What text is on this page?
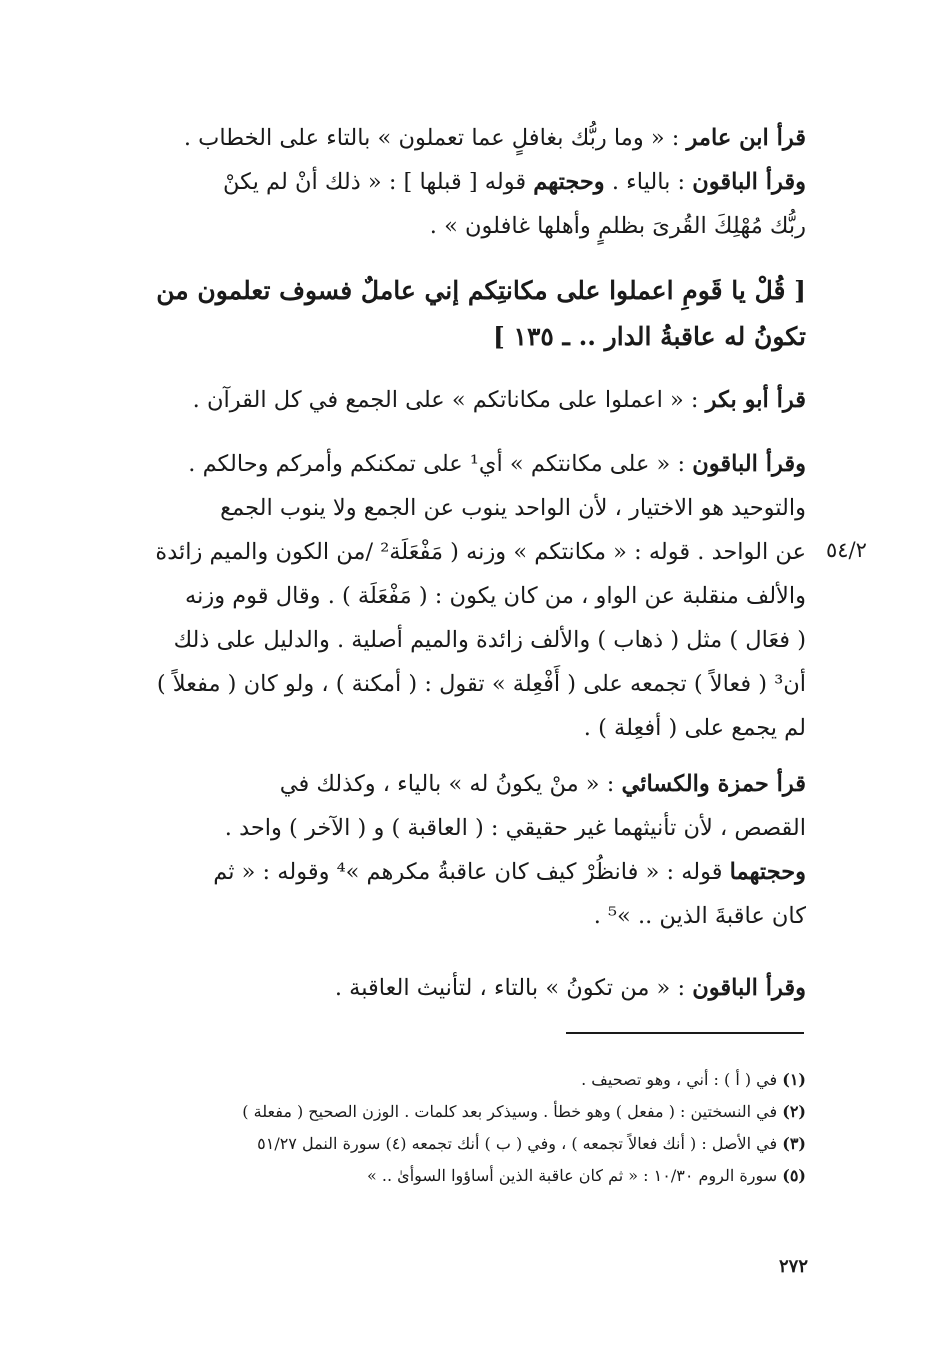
قرأ ابن عامر : « وما ربُّك بغافلٍ عما تعملون » بالتاء على الخطاب .
وقرأ الباقون : بالياء . وحجتهم قوله [ قبلها ] : « ذلك أنْ لم يكنْ
ربُّك مُهْلِكَ القُرىَ بظلمٍ وأهلها غافلون » .
[ قُلْ يا قَومِ اعملوا على مكانتِكم إني عاملٌ فسوف تعلمون من
تكونُ له عاقبةُ الدار .. ـ ١٣٥ ]
قرأ أبو بكر : « اعملوا على مكاناتكم » على الجمع في كل القرآن .
وقرأ الباقون : « على مكانتكم » أي¹ على تمكنكم وأمركم وحالكم .
والتوحيد هو الاختيار ، لأن الواحد ينوب عن الجمع ولا ينوب الجمع
عن الواحد . قوله : « مكانتكم » وزنه ( مَفْعَلَة² /من الكون والميم زائدة
والألف منقلبة عن الواو ، من كان يكون : ( مَفْعَلَة ) . وقال قوم وزنه
( فعَال ) مثل ( ذهاب ) والألف زائدة والميم أصلية . والدليل على ذلك
أن³ ( فعالاً ) تجمعه على ( أَفْعِلة » تقول : ( أمكنة ) ، ولو كان ( مفعلاً )
لم يجمع على ( أفعِلة ) .
٥٤/٢
قرأ حمزة والكسائي : « منْ يكونُ له » بالياء ، وكذلك في
القصص ، لأن تأنيثهما غير حقيقي : ( العاقبة ) و ( الآخر ) واحد .
وحجتهما قوله : « فانظُرْ كيف كان عاقبةُ مكرهم »⁴ وقوله : « ثم
كان عاقبةَ الذين .. »⁵ .
وقرأ الباقون : « من تكونُ » بالتاء ، لتأنيث العاقبة .
(١) في ( أ ) : أني ، وهو تصحيف .
(٢) في النسختين : ( مفعل ) وهو خطأ . وسيذكر بعد كلمات . الوزن الصحيح ( مفعلة )
(٣) في الأصل : ( أنك فعالاً تجمعه ) ، وفي ( ب ) أنك تجمعه (٤) سورة النمل ٥١/٢٧
(٥) سورة الروم ١٠/٣٠ : « ثم كان عاقبة الذين أساؤوا السوأىٰ .. »
٢٧٢
